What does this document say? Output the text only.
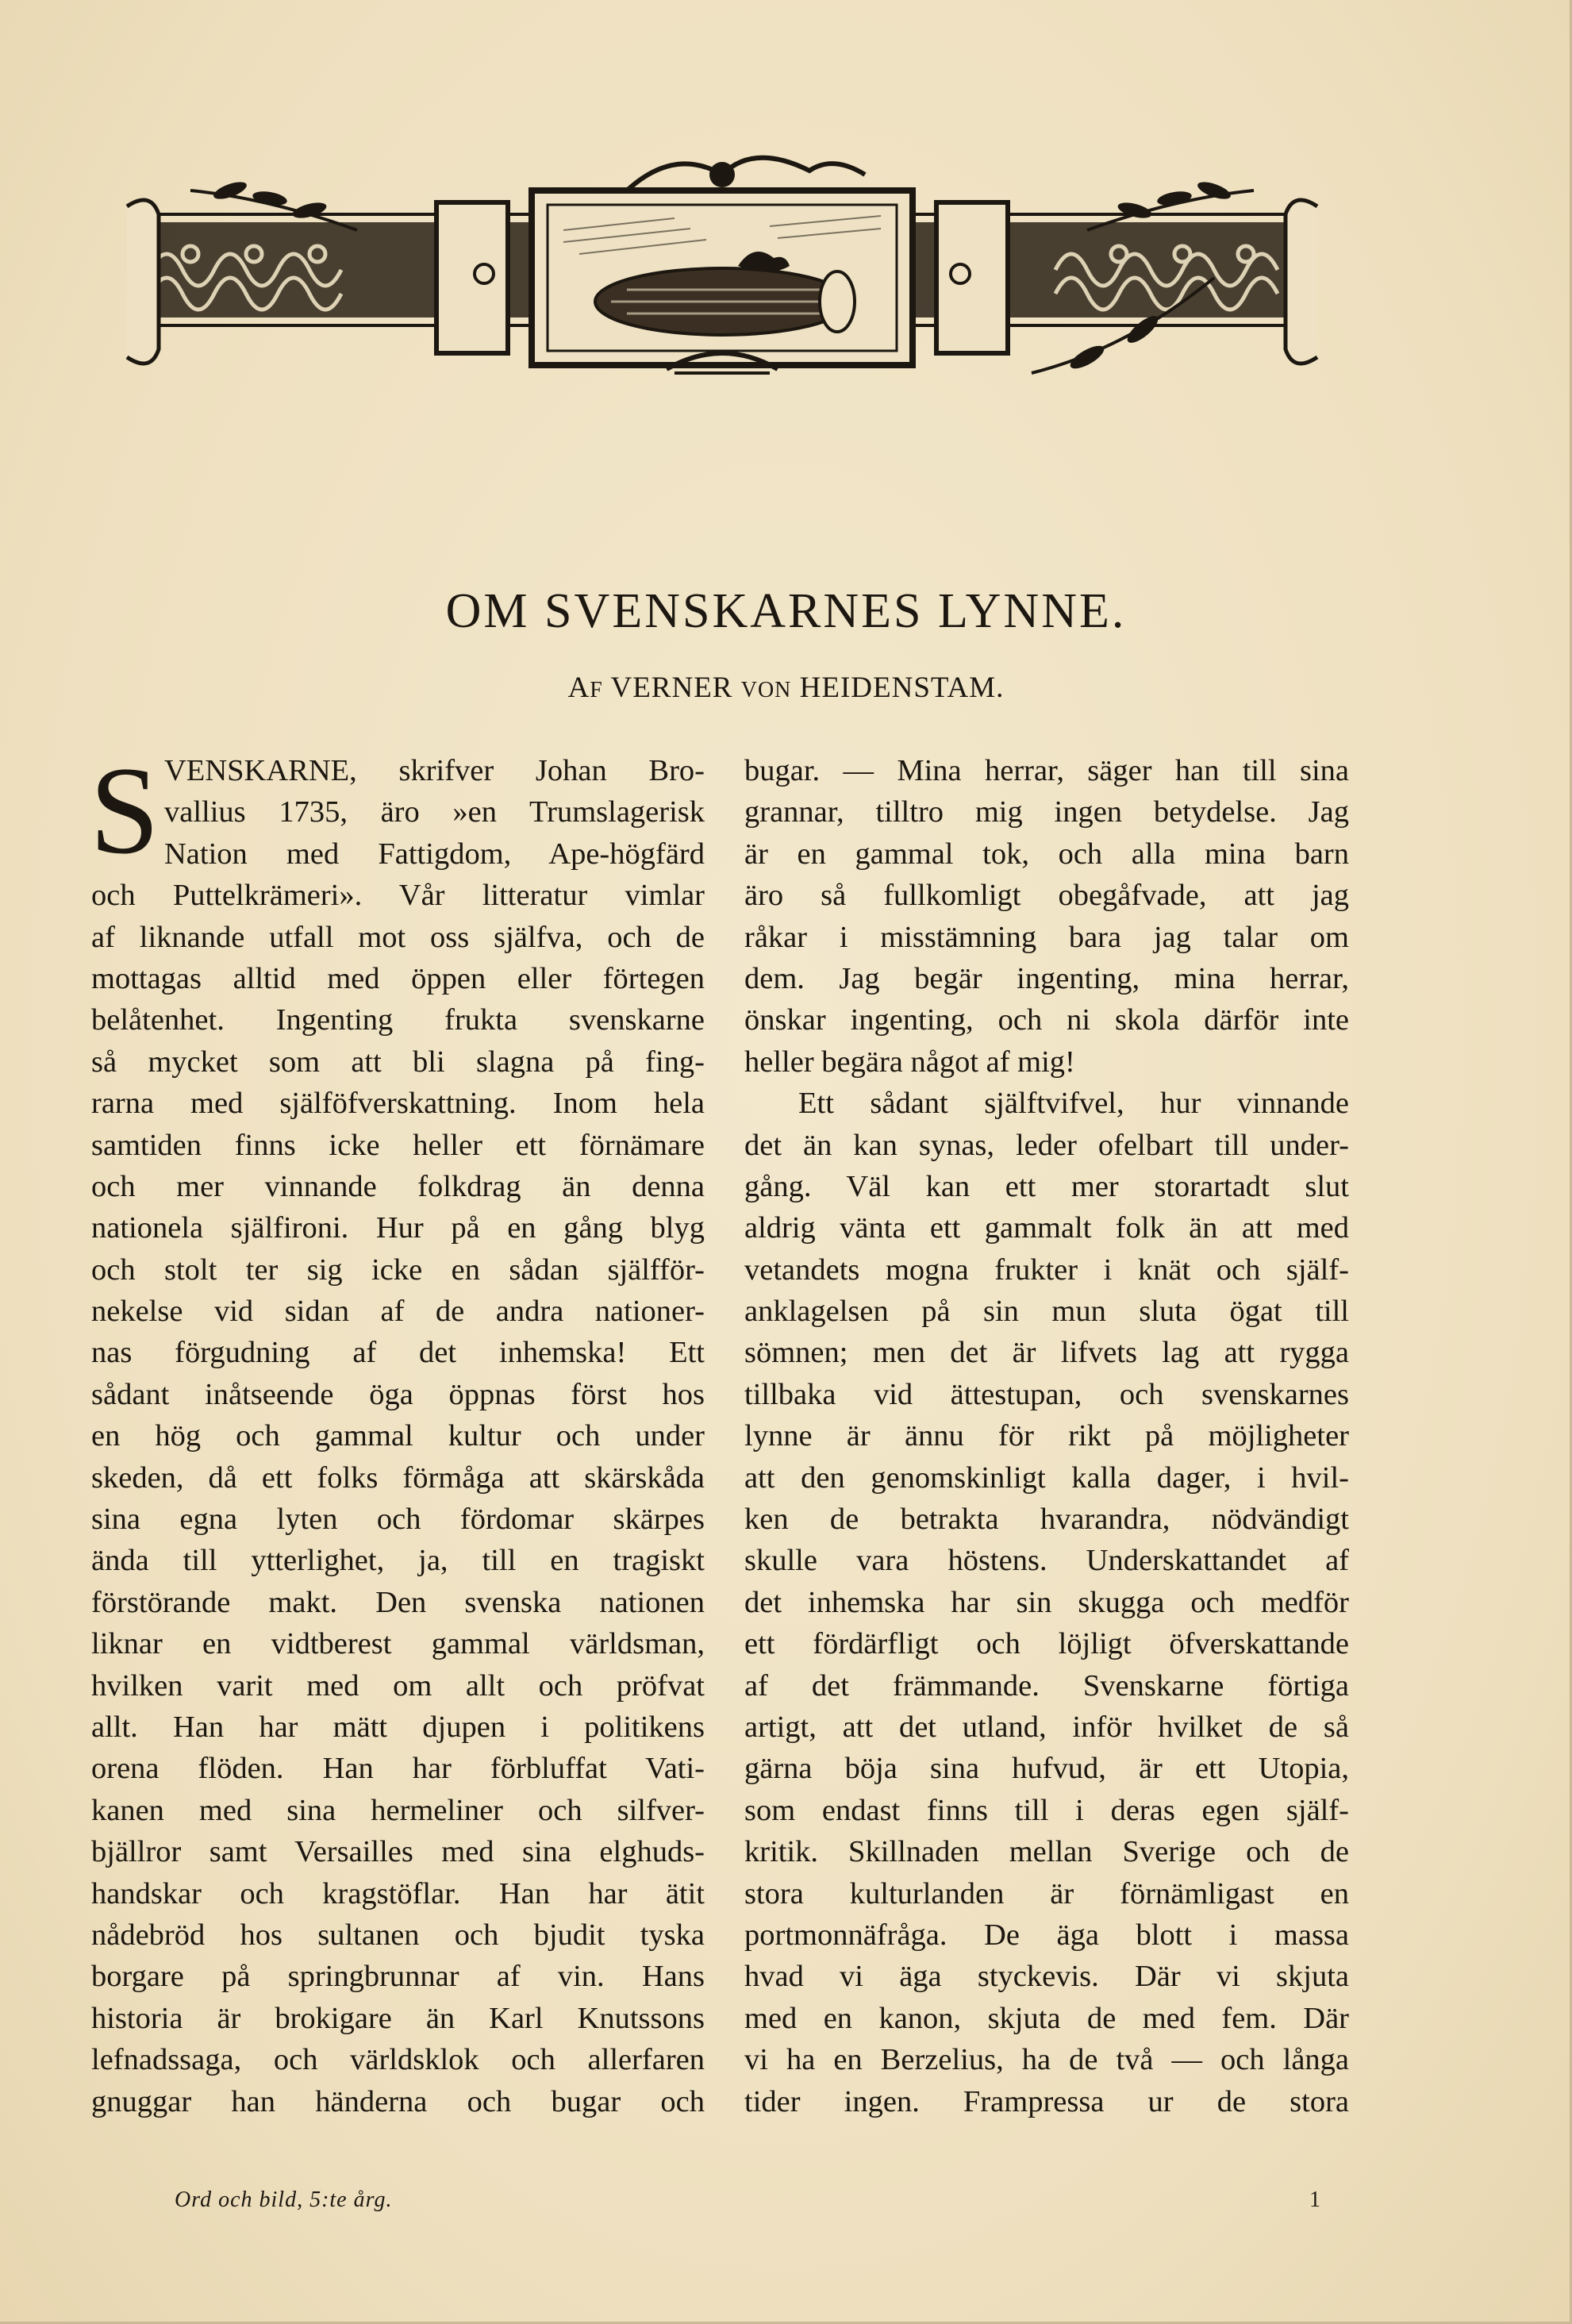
OM SVENSKARNES LYNNE.
AF VERNER VON HEIDENSTAM.
S VENSKARNE, skrifver Johan Bro-
vallius 1735, äro »en Trumslagerisk
Nation med Fattigdom, Ape-högfärd
och Puttelkrämeri». Vår litteratur vimlar
af liknande utfall mot oss själfva, och de
mottagas alltid med öppen eller förtegen
belåtenhet. Ingenting frukta svenskarne
så mycket som att bli slagna på fing-
rarna med själföfverskattning. Inom hela
samtiden finns icke heller ett förnämare
och mer vinnande folkdrag än denna
nationela själfironi. Hur på en gång blyg
och stolt ter sig icke en sådan själfför-
nekelse vid sidan af de andra nationer-
nas förgudning af det inhemska! Ett
sådant inåtseende öga öppnas först hos
en hög och gammal kultur och under
skeden, då ett folks förmåga att skärskåda
sina egna lyten och fördomar skärpes
ända till ytterlighet, ja, till en tragiskt
förstörande makt. Den svenska nationen
liknar en vidtberest gammal världsman,
hvilken varit med om allt och pröfvat
allt. Han har mätt djupen i politikens
orena flöden. Han har förbluffat Vati-
kanen med sina hermeliner och silfver-
bjällror samt Versailles med sina elghuds-
handskar och kragstöflar. Han har ätit
nådebröd hos sultanen och bjudit tyska
borgare på springbrunnar af vin. Hans
historia är brokigare än Karl Knutssons
lefnadssaga, och världsklok och allerfaren
gnuggar han händerna och bugar och
bugar. — Mina herrar, säger han till sina
grannar, tilltro mig ingen betydelse. Jag
är en gammal tok, och alla mina barn
äro så fullkomligt obegåfvade, att jag
råkar i misstämning bara jag talar om
dem. Jag begär ingenting, mina herrar,
önskar ingenting, och ni skola därför inte
heller begära något af mig!
Ett sådant själftvifvel, hur vinnande
det än kan synas, leder ofelbart till under-
gång. Väl kan ett mer storartadt slut
aldrig vänta ett gammalt folk än att med
vetandets mogna frukter i knät och själf-
anklagelsen på sin mun sluta ögat till
sömnen; men det är lifvets lag att rygga
tillbaka vid ättestupan, och svenskarnes
lynne är ännu för rikt på möjligheter
att den genomskinligt kalla dager, i hvil-
ken de betrakta hvarandra, nödvändigt
skulle vara höstens. Underskattandet af
det inhemska har sin skugga och medför
ett fördärfligt och löjligt öfverskattande
af det främmande. Svenskarne förtiga
artigt, att det utland, inför hvilket de så
gärna böja sina hufvud, är ett Utopia,
som endast finns till i deras egen själf-
kritik. Skillnaden mellan Sverige och de
stora kulturlanden är förnämligast en
portmonnäfråga. De äga blott i massa
hvad vi äga styckevis. Där vi skjuta
med en kanon, skjuta de med fem. Där
vi ha en Berzelius, ha de två — och långa
tider ingen. Frampressa ur de stora
Ord och bild, 5:te årg.	1
